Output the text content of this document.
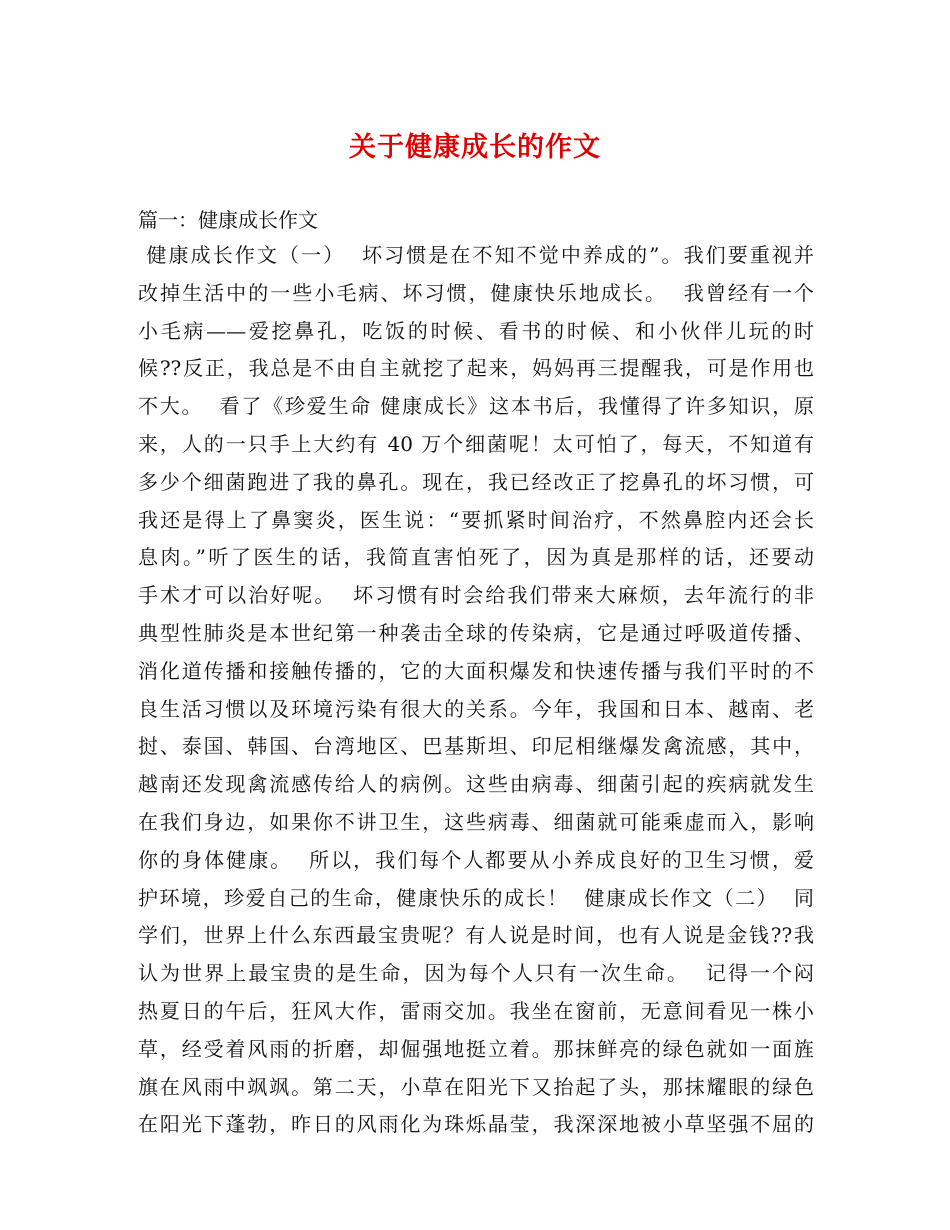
关于健康成长的作文
篇一：健康成长作文
健康成长作文（一）  坏习惯是在不知不觉中养成的”。我们要重视并
改掉生活中的一些小毛病、坏习惯，健康快乐地成长。  我曾经有一个
小毛病——爱挖鼻孔，吃饭的时候、看书的时候、和小伙伴儿玩的时
候??反正，我总是不由自主就挖了起来，妈妈再三提醒我，可是作用也
不大。  看了《珍爱生命 健康成长》这本书后，我懂得了许多知识，原
来，人的一只手上大约有 40 万个细菌呢！太可怕了，每天，不知道有
多少个细菌跑进了我的鼻孔。现在，我已经改正了挖鼻孔的坏习惯，可
我还是得上了鼻窦炎，医生说：“要抓紧时间治疗，不然鼻腔内还会长
息肉。”听了医生的话，我简直害怕死了，因为真是那样的话，还要动
手术才可以治好呢。  坏习惯有时会给我们带来大麻烦，去年流行的非
典型性肺炎是本世纪第一种袭击全球的传染病，它是通过呼吸道传播、
消化道传播和接触传播的，它的大面积爆发和快速传播与我们平时的不
良生活习惯以及环境污染有很大的关系。今年，我国和日本、越南、老
挝、泰国、韩国、台湾地区、巴基斯坦、印尼相继爆发禽流感，其中，
越南还发现禽流感传给人的病例。这些由病毒、细菌引起的疾病就发生
在我们身边，如果你不讲卫生，这些病毒、细菌就可能乘虚而入，影响
你的身体健康。  所以，我们每个人都要从小养成良好的卫生习惯，爱
护环境，珍爱自己的生命，健康快乐的成长！  健康成长作文（二）  同
学们，世界上什么东西最宝贵呢？有人说是时间，也有人说是金钱??我
认为世界上最宝贵的是生命，因为每个人只有一次生命。  记得一个闷
热夏日的午后，狂风大作，雷雨交加。我坐在窗前，无意间看见一株小
草，经受着风雨的折磨，却倔强地挺立着。那抹鲜亮的绿色就如一面旌
旗在风雨中飒飒。第二天，小草在阳光下又抬起了头，那抹耀眼的绿色
在阳光下蓬勃，昨日的风雨化为珠烁晶莹，我深深地被小草坚强不屈的
